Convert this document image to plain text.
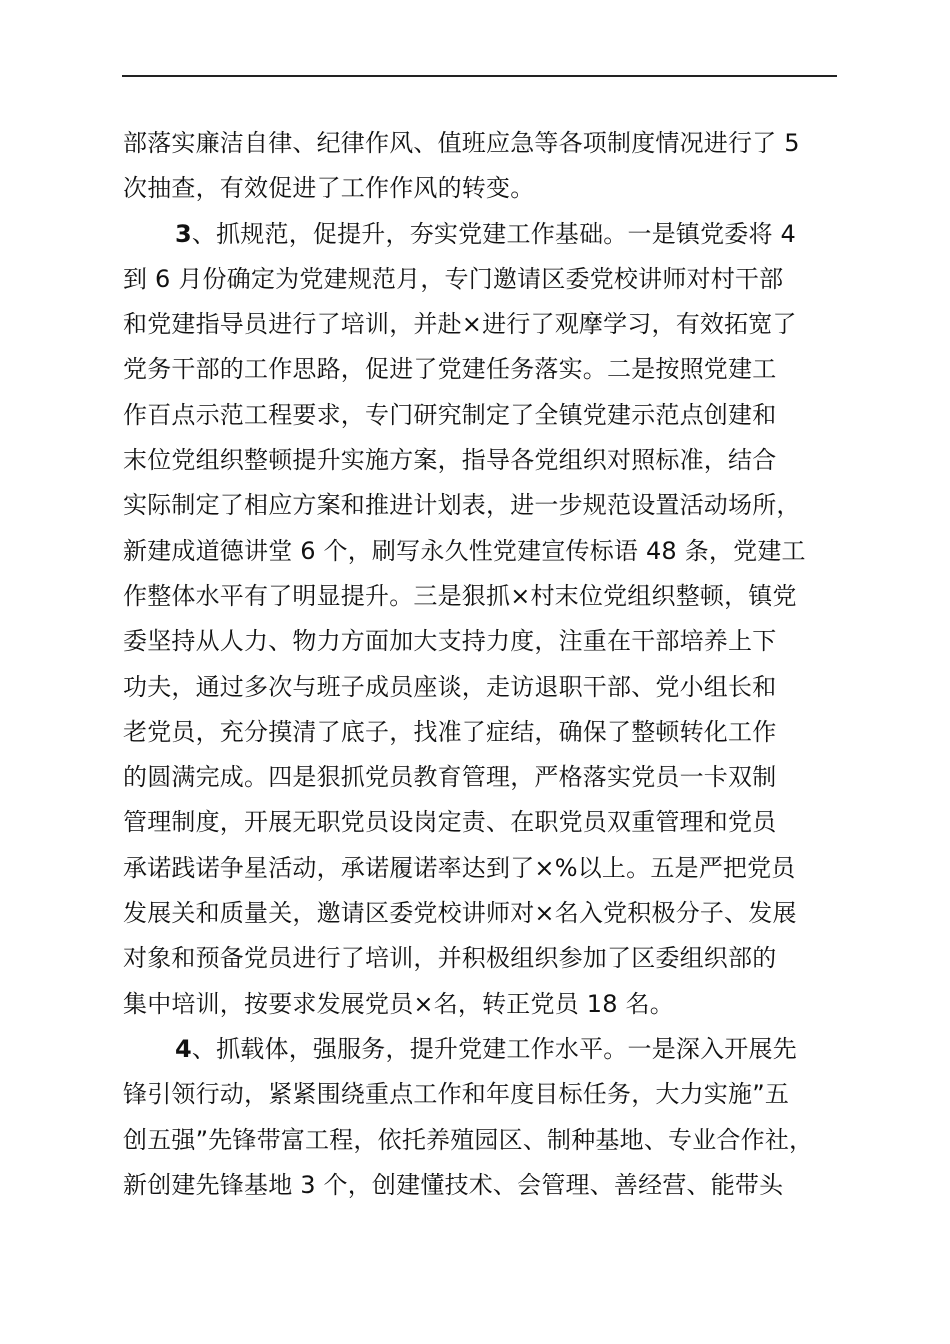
部落实廉洁自律、纪律作风、值班应急等各项制度情况进行了 5
次抽查，有效促进了工作作风的转变。
3、抓规范，促提升，夯实党建工作基础。一是镇党委将 4
到 6 月份确定为党建规范月，专门邀请区委党校讲师对村干部
和党建指导员进行了培训，并赴×进行了观摩学习，有效拓宽了
党务干部的工作思路，促进了党建任务落实。二是按照党建工
作百点示范工程要求，专门研究制定了全镇党建示范点创建和
末位党组织整顿提升实施方案，指导各党组织对照标准，结合
实际制定了相应方案和推进计划表，进一步规范设置活动场所，
新建成道德讲堂 6 个，刷写永久性党建宣传标语 48 条，党建工
作整体水平有了明显提升。三是狠抓×村末位党组织整顿，镇党
委坚持从人力、物力方面加大支持力度，注重在干部培养上下
功夫，通过多次与班子成员座谈，走访退职干部、党小组长和
老党员，充分摸清了底子，找准了症结，确保了整顿转化工作
的圆满完成。四是狠抓党员教育管理，严格落实党员一卡双制
管理制度，开展无职党员设岗定责、在职党员双重管理和党员
承诺践诺争星活动，承诺履诺率达到了×%以上。五是严把党员
发展关和质量关，邀请区委党校讲师对×名入党积极分子、发展
对象和预备党员进行了培训，并积极组织参加了区委组织部的
集中培训，按要求发展党员×名，转正党员 18 名。
4、抓载体，强服务，提升党建工作水平。一是深入开展先
锋引领行动，紧紧围绕重点工作和年度目标任务，大力实施”五
创五强”先锋带富工程，依托养殖园区、制种基地、专业合作社，
新创建先锋基地 3 个，创建懂技术、会管理、善经营、能带头
